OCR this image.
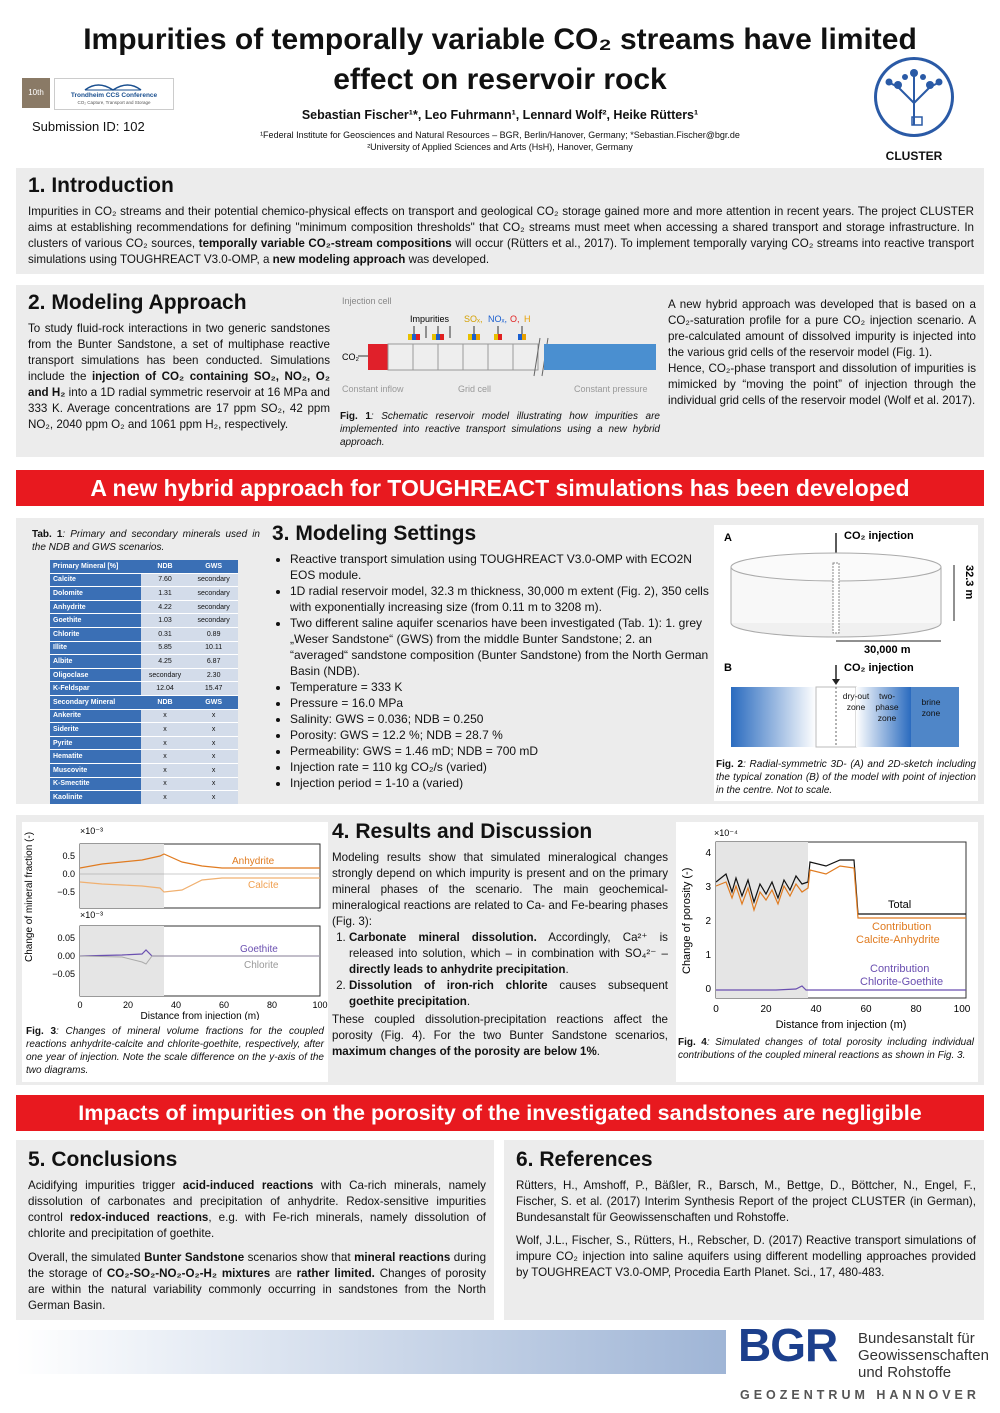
Impurities of temporally variable CO₂ streams have limited effect on reservoir rock
10th	Trondheim CCS Conference
CO₂ Capture, Transport and Storage
Submission ID: 102
Sebastian Fischer¹*, Leo Fuhrmann¹, Lennard Wolf², Heike Rütters¹
¹Federal Institute for Geosciences and Natural Resources – BGR, Berlin/Hanover, Germany; *Sebastian.Fischer@bgr.de
²University of Applied Sciences and Arts (HsH), Hanover, Germany
CLUSTER
1. Introduction
Impurities in CO₂ streams and their potential chemico-physical effects on transport and geological CO₂ storage gained more and more attention in recent years. The project CLUSTER aims at establishing recommendations for defining "minimum composition thresholds" that CO₂ streams must meet when accessing a shared transport and storage infrastructure. In clusters of various CO₂ sources, temporally variable CO₂-stream compositions will occur (Rütters et al., 2017). To implement temporally varying CO₂ streams into reactive transport simulations using TOUGHREACT V3.0-OMP, a new modeling approach was developed.
2. Modeling Approach
To study fluid-rock interactions in two generic sandstones from the Bunter Sandstone, a set of multiphase reactive transport simulations has been conducted. Simulations include the injection of CO₂ containing SO₂, NO₂, O₂ and H₂ into a 1D radial symmetric reservoir at 16 MPa and 333 K. Average concentrations are 17 ppm SO₂, 42 ppm NO₂, 2040 ppm O₂ and 1061 ppm H₂, respectively.
Injection cell
Impurities SOₓ, NOₓ, O, H
CO₂
Constant inflow	Grid cell	Constant pressure
Fig. 1: Schematic reservoir model illustrating how impurities are implemented into reactive transport simulations using a new hybrid approach.
A new hybrid approach was developed that is based on a CO₂-saturation profile for a pure CO₂ injection scenario. A pre-calculated amount of dissolved impurity is injected into the various grid cells of the reservoir model (Fig. 1).
Hence, CO₂-phase transport and dissolution of impurities is mimicked by “moving the point” of injection through the individual grid cells of the reservoir model (Wolf et al. 2017).
A new hybrid approach for TOUGHREACT simulations has been developed
Tab. 1: Primary and secondary minerals used in the NDB and GWS scenarios.
Primary Mineral [%]	NDB	GWS
Calcite	7.60	secondary
Dolomite	1.31	secondary
Anhydrite	4.22	secondary
Goethite	1.03	secondary
Chlorite	0.31	0.89
Illite	5.85	10.11
Albite	4.25	6.87
Oligoclase	secondary	2.30
K-Feldspar	12.04	15.47
Secondary Mineral	NDB	GWS
Ankerite	x	x
Siderite	x	x
Pyrite	x	x
Hematite	x	x
Muscovite	x	x
K-Smectite	x	x
Kaolinite	x	x
3. Modeling Settings
• Reactive transport simulation using TOUGHREACT V3.0-OMP with ECO2N EOS module.
• 1D radial reservoir model, 32.3 m thickness, 30,000 m extent (Fig. 2), 350 cells with exponentially increasing size (from 0.11 m to 3208 m).
• Two different saline aquifer scenarios have been investigated (Tab. 1): 1. grey „Weser Sandstone“ (GWS) from the middle Bunter Sandstone; 2. an “averaged“ sandstone composition (Bunter Sandstone) from the North German Basin (NDB).
• Temperature = 333 K
• Pressure = 16.0 MPa
• Salinity: GWS = 0.036; NDB = 0.250
• Porosity: GWS = 12.2 %; NDB = 28.7 %
• Permeability: GWS = 1.46 mD; NDB = 700 mD
• Injection rate = 110 kg CO₂/s (varied)
• Injection period = 1-10 a (varied)
A	CO₂ injection
32.3 m
30,000 m
B	CO₂ injection
dry-out zone
two-phase zone
brine zone
Fig. 2: Radial-symmetric 3D- (A) and 2D-sketch including the typical zonation (B) of the model with point of injection in the centre. Not to scale.
Change of mineral fraction (-)
×10⁻³
0.5
0.0
−0.5
Anhydrite
Calcite
×10⁻³
0.05
0.00
−0.05
Goethite
Chlorite
0	20	40	60	80	100
Distance from injection (m)
Fig. 3: Changes of mineral volume fractions for the coupled reactions anhydrite-calcite and chlorite-goethite, respectively, after one year of injection. Note the scale difference on the y-axis of the two diagrams.
4. Results and Discussion
Modeling results show that simulated mineralogical changes strongly depend on which impurity is present and on the primary mineral phases of the scenario. The main geochemical-mineralogical reactions are related to Ca- and Fe-bearing phases (Fig. 3):
1. Carbonate mineral dissolution. Accordingly, Ca²⁺ is released into solution, which – in combination with SO₄²⁻ – directly leads to anhydrite precipitation.
2. Dissolution of iron-rich chlorite causes subsequent goethite precipitation.
These coupled dissolution-precipitation reactions affect the porosity (Fig. 4). For the two Bunter Sandstone scenarios, maximum changes of the porosity are below 1%.
Change of porosity (-)
×10⁻⁴
4
3
2
1
0
Total
Contribution
Calcite-Anhydrite
Contribution
Chlorite-Goethite
0	20	40	60	80	100
Distance from injection (m)
Fig. 4: Simulated changes of total porosity including individual contributions of the coupled mineral reactions as shown in Fig. 3.
Impacts of impurities on the porosity of the investigated sandstones are negligible
5. Conclusions
Acidifying impurities trigger acid-induced reactions with Ca-rich minerals, namely dissolution of carbonates and precipitation of anhydrite. Redox-sensitive impurities control redox-induced reactions, e.g. with Fe-rich minerals, namely dissolution of chlorite and precipitation of goethite.
Overall, the simulated Bunter Sandstone scenarios show that mineral reactions during the storage of CO₂-SO₂-NO₂-O₂-H₂ mixtures are rather limited. Changes of porosity are within the natural variability commonly occurring in sandstones from the North German Basin.
6. References

Rütters, H., Amshoff, P., Bäßler, R., Barsch, M., Bettge, D., Böttcher, N., Engel, F., Fischer, S. et al. (2017) Interim Synthesis Report of the project CLUSTER (in German), Bundesanstalt für Geowissenschaften und Rohstoffe.

Wolf, J.L., Fischer, S., Rütters, H., Rebscher, D. (2017) Reactive transport simulations of impure CO₂ injection into saline aquifers using different modelling approaches provided by TOUGHREACT V3.0-OMP, Procedia Earth Planet. Sci., 17, 480-483.

BGR Bundesanstalt für
Geowissenschaften
und Rohstoffe
GEOZENTRUM HANNOVER
